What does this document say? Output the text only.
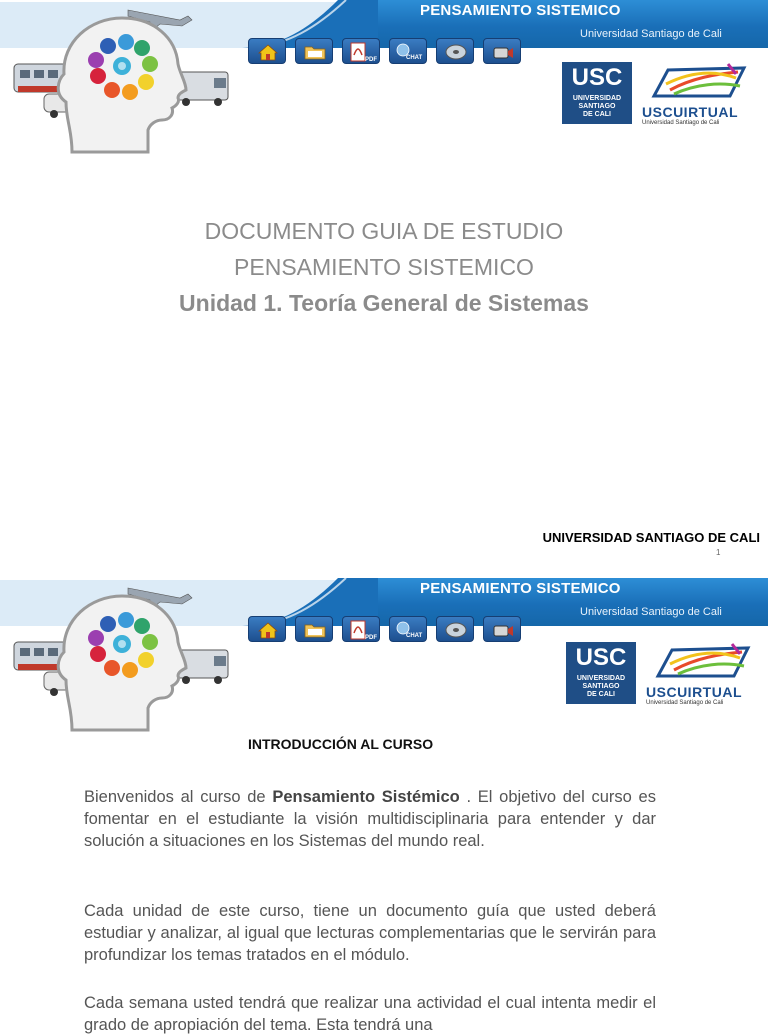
PENSAMIENTO SISTEMICO
Universidad Santiago de Cali
PDF	CHAT
USC
UNIVERSIDAD
SANTIAGO
DE CALI	USCUIRTUAL
Universidad Santiago de Cali
DOCUMENTO GUIA DE ESTUDIO
PENSAMIENTO SISTEMICO
Unidad 1. Teoría General de Sistemas
UNIVERSIDAD SANTIAGO DE CALI
1
PENSAMIENTO SISTEMICO
Universidad Santiago de Cali
PDF	CHAT
USC
UNIVERSIDAD
SANTIAGO
DE CALI	USCUIRTUAL
Universidad Santiago de Cali
INTRODUCCIÓN AL CURSO
Bienvenidos al curso de Pensamiento Sistémico . El objetivo del curso es fomentar en el estudiante la visión multidisciplinaria para entender y dar solución a situaciones en los Sistemas del mundo real.
Cada unidad de este curso, tiene un documento guía que usted deberá estudiar y analizar, al igual que lecturas complementarias que le servirán para profundizar los temas tratados en el módulo.
Cada semana usted tendrá que realizar una actividad el cual intenta medir el grado de apropiación del tema. Esta tendrá una
